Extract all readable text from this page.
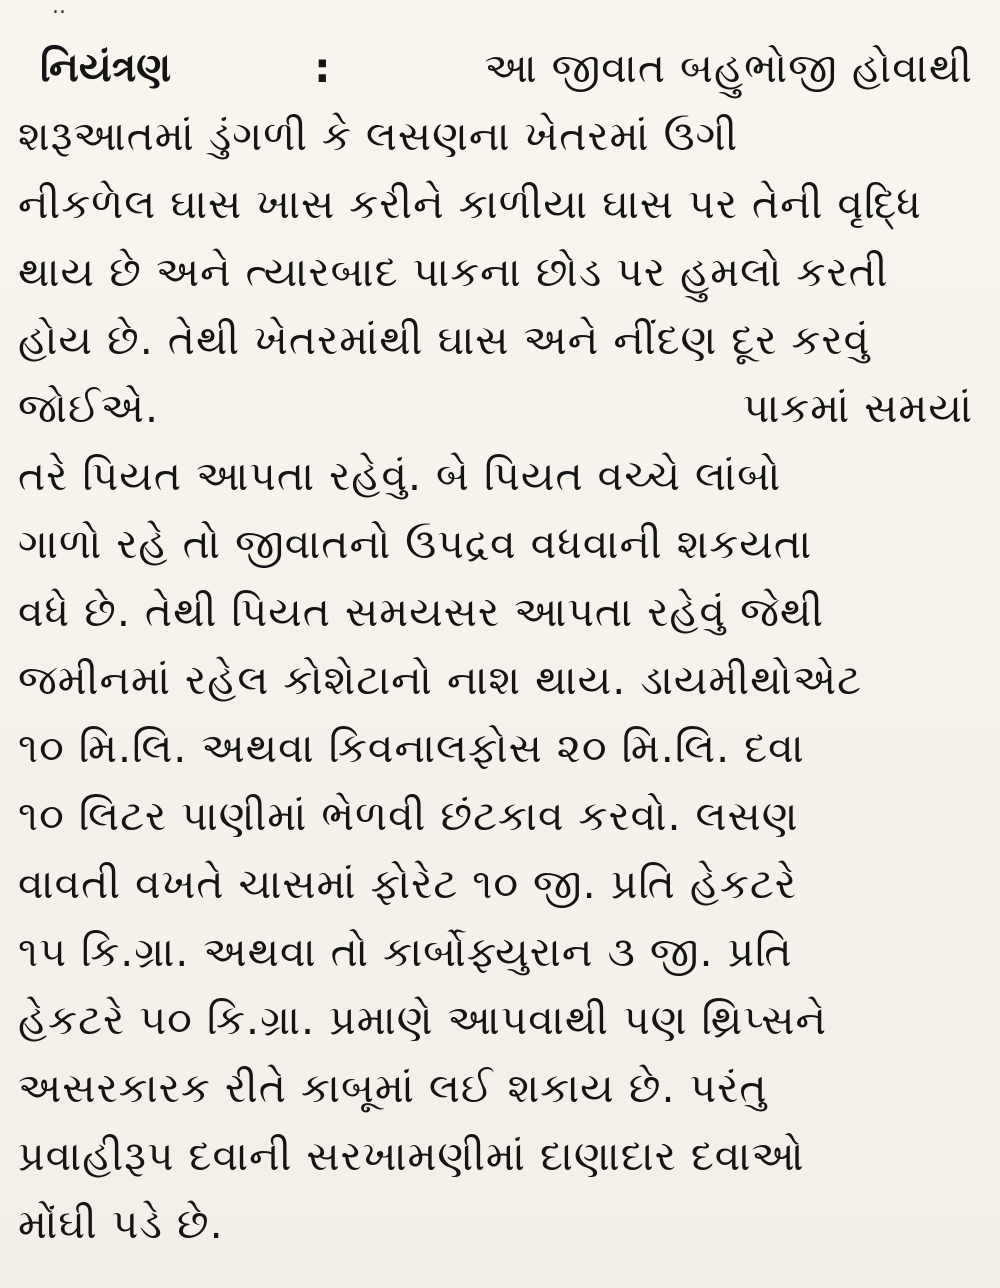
..
નિયંત્રણ	:	આ જીવાત બહુભોજી હોવાથી
શરૂઆતમાં ડુંગળી કે લસણના ખેતરમાં ઉગી
નીકળેલ ઘાસ ખાસ કરીને કાળીયા ઘાસ પર તેની વૃદ્ધિ
થાય છે અને ત્યારબાદ પાકના છોડ પર હુમલો કરતી
હોય છે. તેથી ખેતરમાંથી ઘાસ અને નીંદણ દૂર કરવું
જોઈએ.	પાકમાં સમયાં
તરે પિયત આપતા રહેવું. બે પિયત વચ્ચે લાંબો
ગાળો રહે તો જીવાતનો ઉપદ્રવ વધવાની શકયતા
વધે છે. તેથી પિયત સમયસર આપતા રહેવું જેથી
જમીનમાં રહેલ કોશેટાનો નાશ થાય. ડાયમીથોએટ
૧૦ મિ.લિ. અથવા કિવનાલફોસ ૨૦ મિ.લિ. દવા
૧૦ લિટર પાણીમાં ભેળવી છંટકાવ કરવો. લસણ
વાવતી વખતે ચાસમાં ફોરેટ ૧૦ જી. પ્રતિ હેકટરે
૧૫ કિ.ગ્રા. અથવા તો કાર્બોફ્યુરાન ૩ જી. પ્રતિ
હેકટરે ૫૦ કિ.ગ્રા. પ્રમાણે આપવાથી પણ થ્રિપ્સને
અસરકારક રીતે કાબૂમાં લઈ શકાય છે. પરંતુ
પ્રવાહીરૂપ દવાની સરખામણીમાં દાણાદાર દવાઓ
મોંઘી પડે છે.
